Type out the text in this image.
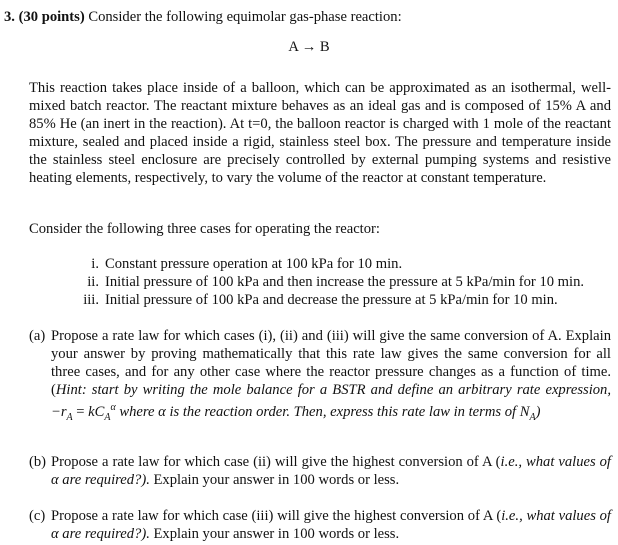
3. (30 points) Consider the following equimolar gas-phase reaction:
A → B
This reaction takes place inside of a balloon, which can be approximated as an isothermal, well-mixed batch reactor. The reactant mixture behaves as an ideal gas and is composed of 15% A and 85% He (an inert in the reaction). At t=0, the balloon reactor is charged with 1 mole of the reactant mixture, sealed and placed inside a rigid, stainless steel box. The pressure and temperature inside the stainless steel enclosure are precisely controlled by external pumping systems and resistive heating elements, respectively, to vary the volume of the reactor at constant temperature.
Consider the following three cases for operating the reactor:
i. Constant pressure operation at 100 kPa for 10 min.
ii. Initial pressure of 100 kPa and then increase the pressure at 5 kPa/min for 10 min.
iii. Initial pressure of 100 kPa and decrease the pressure at 5 kPa/min for 10 min.
(a) Propose a rate law for which cases (i), (ii) and (iii) will give the same conversion of A. Explain your answer by proving mathematically that this rate law gives the same conversion for all three cases, and for any other case where the reactor pressure changes as a function of time. (Hint: start by writing the mole balance for a BSTR and define an arbitrary rate expression, $-r_A = kC_A^\alpha$ where α is the reaction order. Then, express this rate law in terms of $N_A$)
(b) Propose a rate law for which case (ii) will give the highest conversion of A (i.e., what values of α are required?). Explain your answer in 100 words or less.
(c) Propose a rate law for which case (iii) will give the highest conversion of A (i.e., what values of α are required?). Explain your answer in 100 words or less.
